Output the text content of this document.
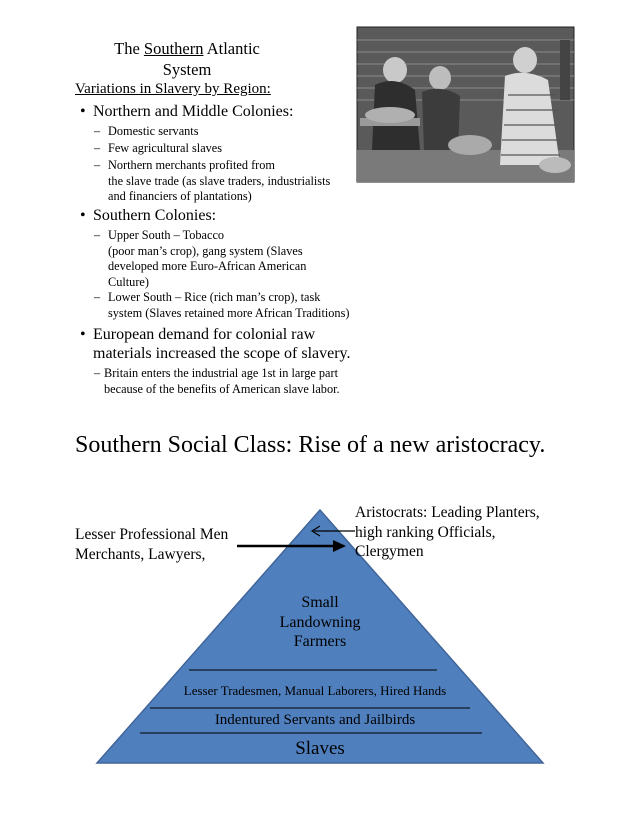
The Southern Atlantic
System
Variations in Slavery by Region:
• Northern and Middle Colonies:
– Domestic servants
– Few agricultural slaves
– Northern merchants profited from
the slave trade (as slave traders, industrialists
and financiers of plantations)
• Southern Colonies:
– Upper South – Tobacco
(poor man’s crop), gang system (Slaves
developed more Euro-African American
Culture)
– Lower South – Rice (rich man’s crop), task
system (Slaves retained more African Traditions)
• European demand for colonial raw
materials increased the scope of slavery.
– Britain enters the industrial age 1st in large part
because of the benefits of American slave labor.
Southern Social Class: Rise of a new aristocracy.
Aristocrats: Leading Planters,
high ranking Officials,
Clergymen
Lesser Professional Men
Merchants, Lawyers,
Small
Landowning
Farmers
Lesser Tradesmen, Manual Laborers, Hired Hands
Indentured Servants and Jailbirds
Slaves
